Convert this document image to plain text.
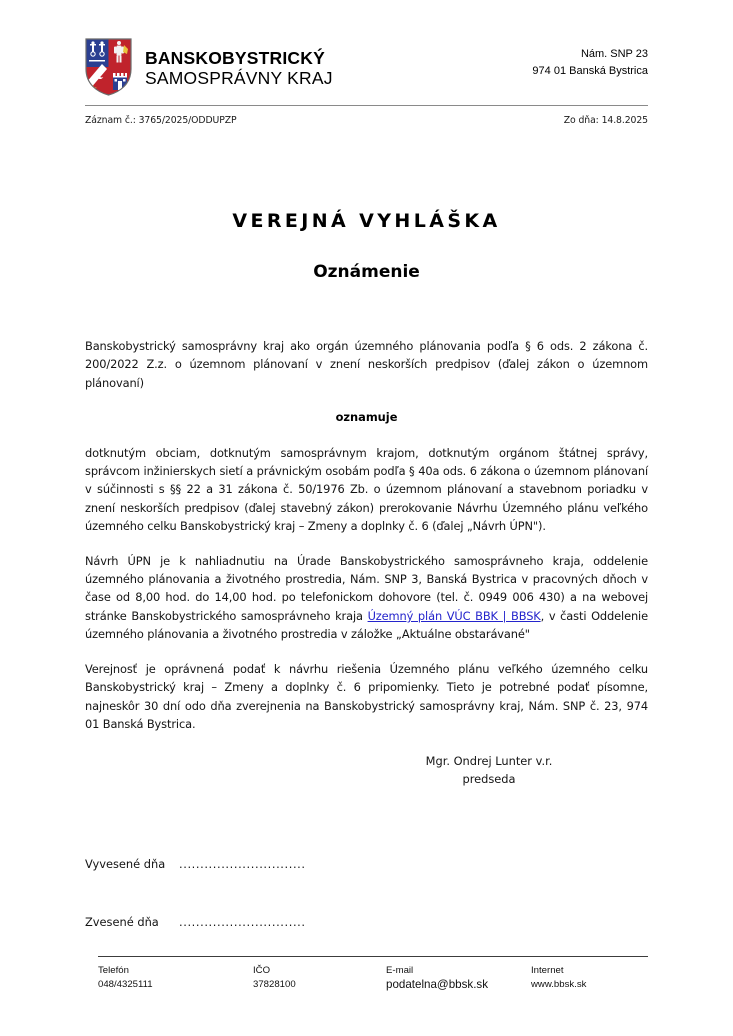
BANSKOBYSTRICKÝ
SAMOSPRÁVNY KRAJ
Nám. SNP 23
974 01 Banská Bystrica
Záznam č.: 3765/2025/ODDUPZP	Zo dňa: 14.8.2025
VEREJNÁ VYHLÁŠKA
Oznámenie

Banskobystrický samosprávny kraj ako orgán územného plánovania podľa § 6 ods. 2 zákona č. 200/2022 Z.z. o územnom plánovaní v znení neskorších predpisov (ďalej zákon o územnom plánovaní)

oznamuje

dotknutým obciam, dotknutým samosprávnym krajom, dotknutým orgánom štátnej správy, správcom inžinierskych sietí a právnickým osobám podľa § 40a ods. 6 zákona o územnom plánovaní v súčinnosti s §§ 22 a 31 zákona č. 50/1976 Zb. o územnom plánovaní a stavebnom poriadku v znení neskorších predpisov (ďalej stavebný zákon) prerokovanie Návrhu Územného plánu veľkého územného celku Banskobystrický kraj – Zmeny a doplnky č. 6 (ďalej „Návrh ÚPN").

Návrh ÚPN je k nahliadnutiu na Úrade Banskobystrického samosprávneho kraja, oddelenie územného plánovania a životného prostredia, Nám. SNP 3, Banská Bystrica v pracovných dňoch v čase od 8,00 hod. do 14,00 hod. po telefonickom dohovore (tel. č. 0949 006 430) a na webovej stránke Banskobystrického samosprávneho kraja Územný plán VÚC BBK | BBSK, v časti Oddelenie územného plánovania a životného prostredia v záložke „Aktuálne obstarávané"

Verejnosť je oprávnená podať k návrhu riešenia Územného plánu veľkého územného celku Banskobystrický kraj – Zmeny a doplnky č. 6 pripomienky. Tieto je potrebné podať písomne, najneskôr 30 dní odo dňa zverejnenia na Banskobystrický samosprávny kraj, Nám. SNP č. 23, 974 01 Banská Bystrica.

Mgr. Ondrej Lunter v.r.
predseda
Vyvesené dňa	..............................
Zvesené dňa	..............................
Telefón
048/4325111
IČO
37828100
E-mail
podatelna@bbsk.sk
Internet
www.bbsk.sk
